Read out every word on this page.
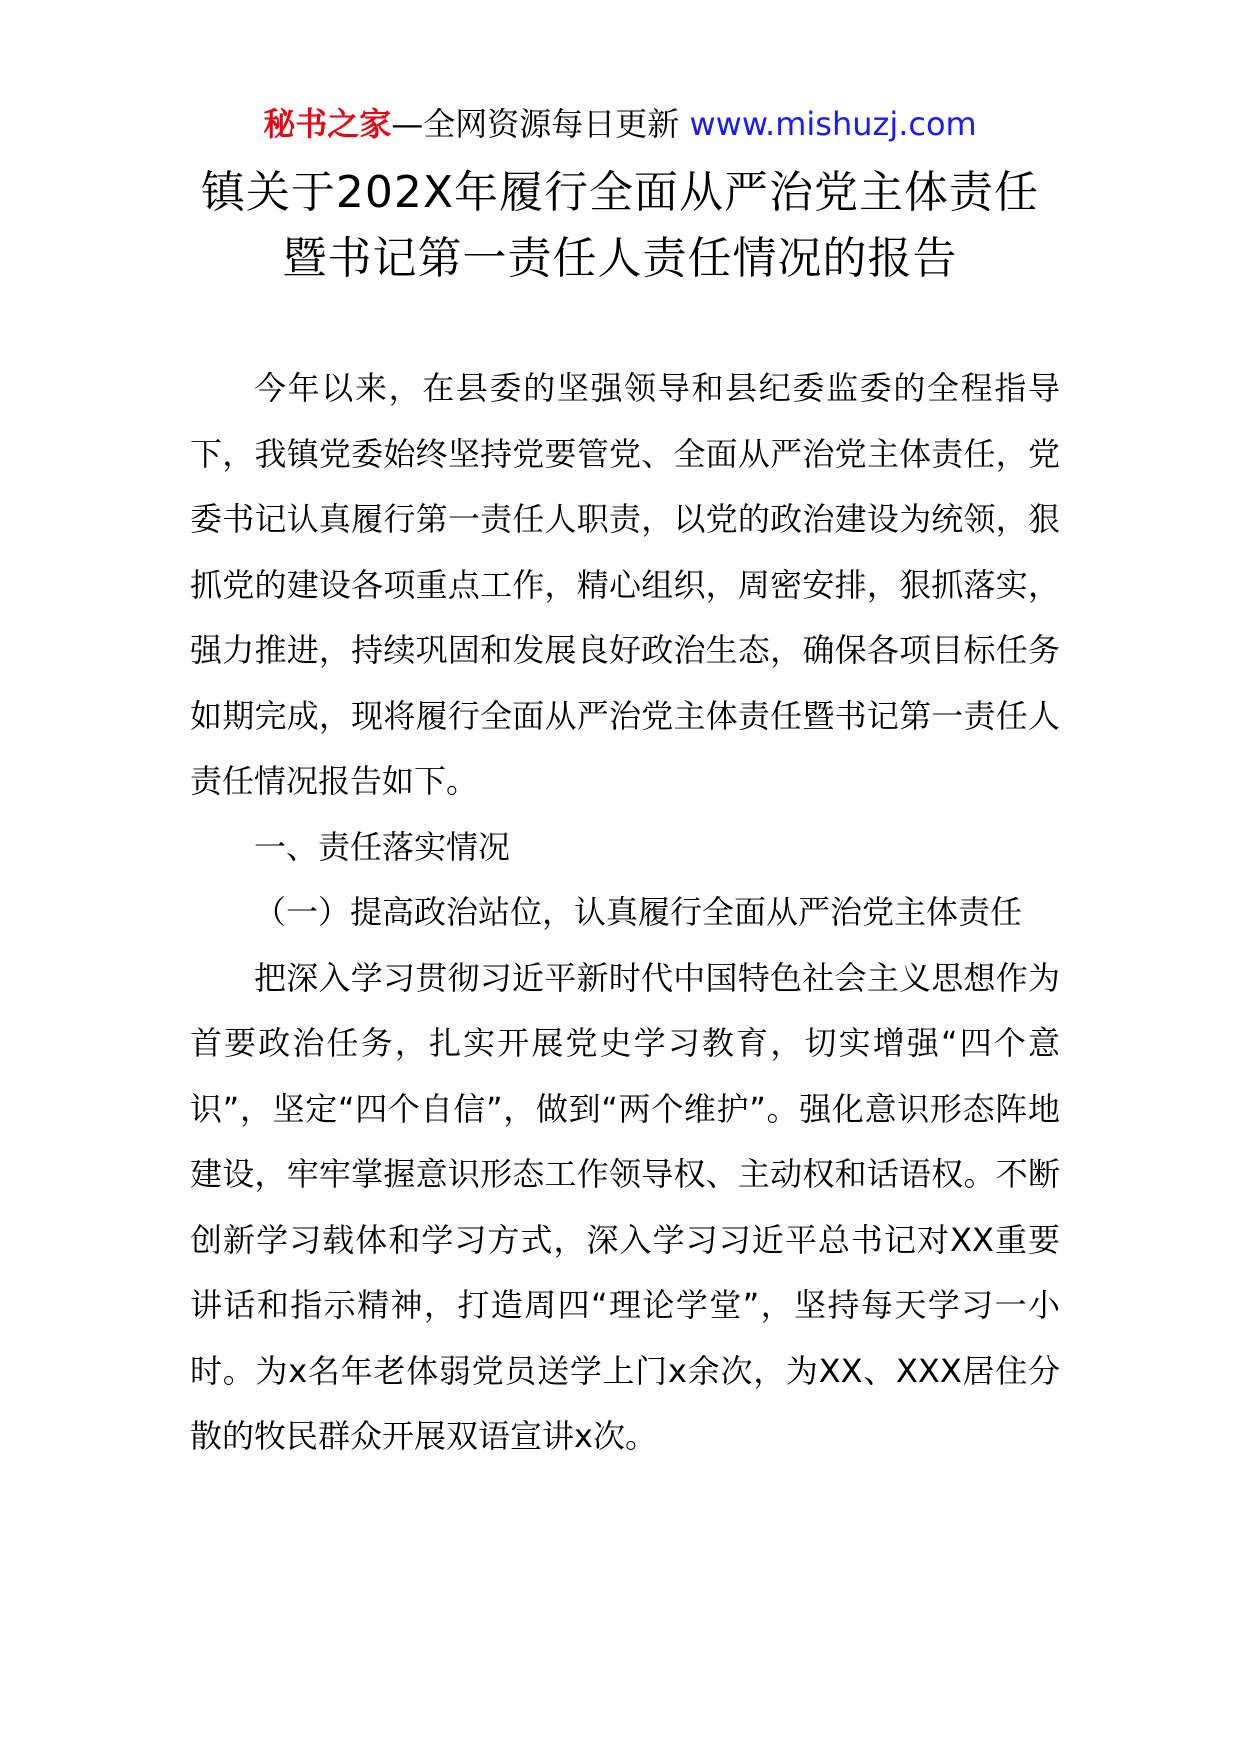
秘书之家—全网资源每日更新 www.mishuzj.com
镇关于202X年履行全面从严治党主体责任
暨书记第一责任人责任情况的报告

今年以来，在县委的坚强领导和县纪委监委的全程指导下，我镇党委始终坚持党要管党、全面从严治党主体责任，党委书记认真履行第一责任人职责，以党的政治建设为统领，狠抓党的建设各项重点工作，精心组织，周密安排，狠抓落实，强力推进，持续巩固和发展良好政治生态，确保各项目标任务如期完成，现将履行全面从严治党主体责任暨书记第一责任人责任情况报告如下。

一、责任落实情况

（一）提高政治站位，认真履行全面从严治党主体责任

把深入学习贯彻习近平新时代中国特色社会主义思想作为首要政治任务，扎实开展党史学习教育，切实增强“四个意识”，坚定“四个自信”，做到“两个维护”。强化意识形态阵地建设，牢牢掌握意识形态工作领导权、主动权和话语权。不断创新学习载体和学习方式，深入学习习近平总书记对XX重要讲话和指示精神，打造周四“理论学堂”，坚持每天学习一小时。为x名年老体弱党员送学上门x余次，为XX、XXX居住分散的牧民群众开展双语宣讲x次。
